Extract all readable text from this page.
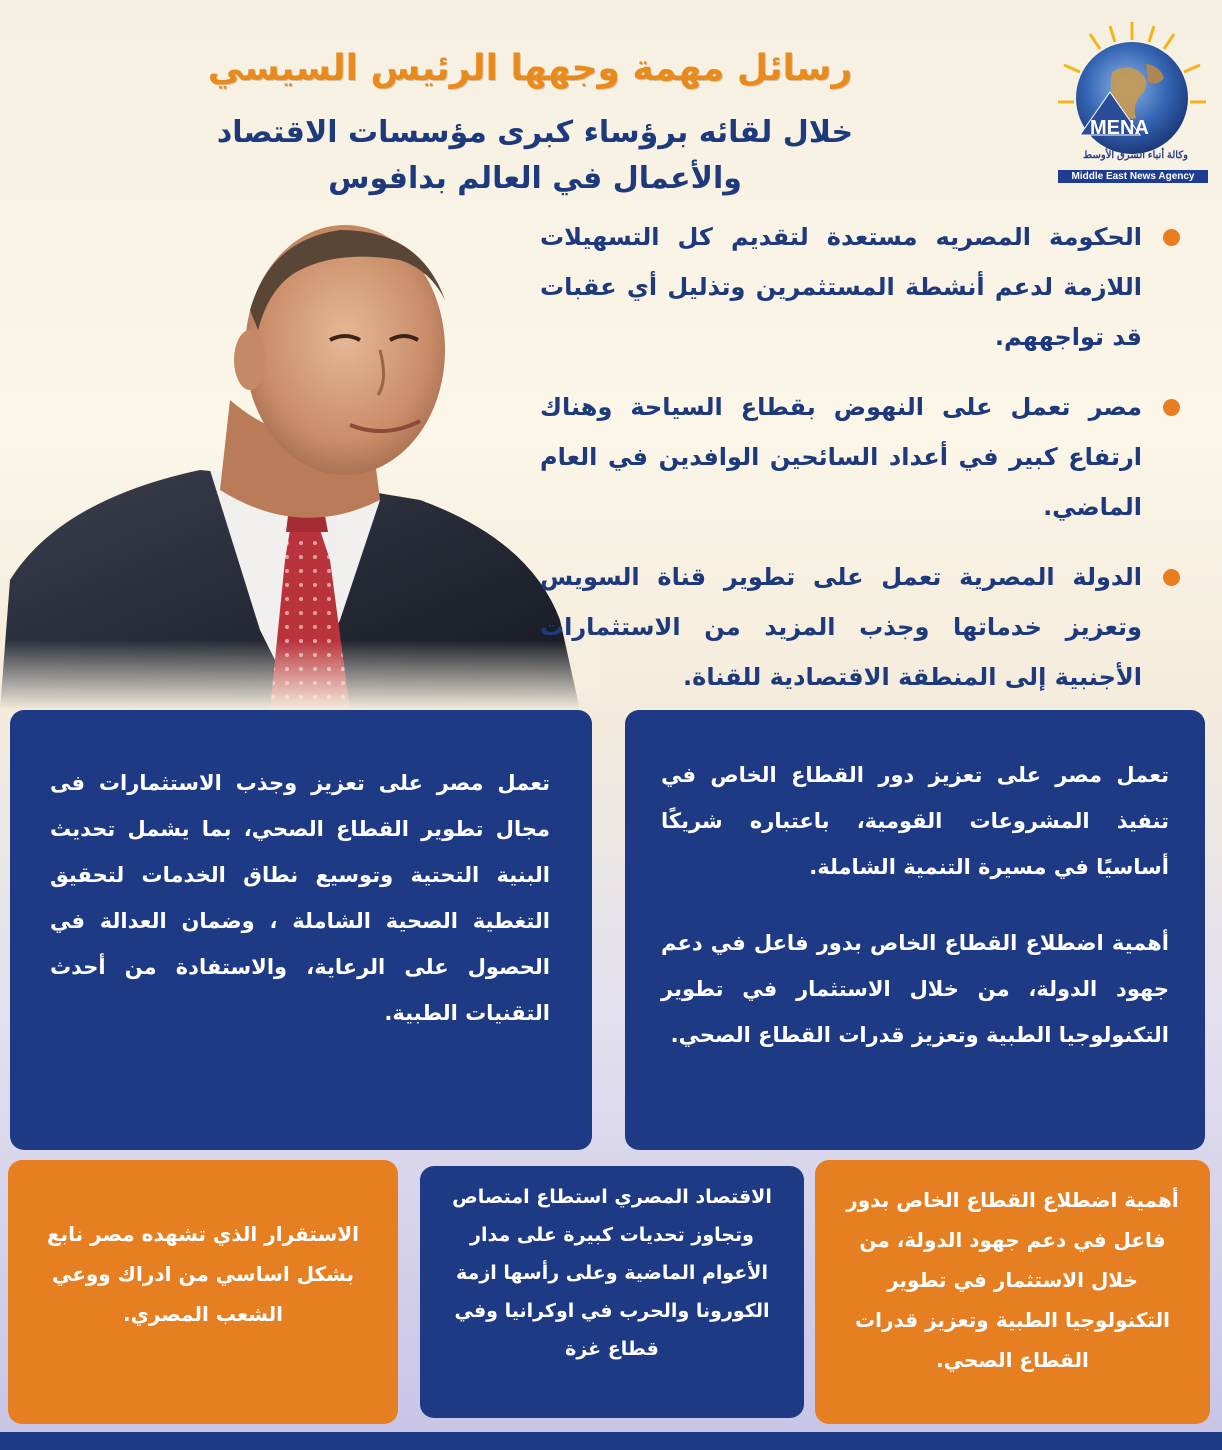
MENA
وكالة أنباء الشرق الأوسط
Middle East News Agency
رسائل مهمة وجهها الرئيس السيسي
خلال لقائه برؤساء كبرى مؤسسات الاقتصاد
والأعمال في العالم بدافوس
الحكومة المصريه مستعدة لتقديم كل التسهيلات اللازمة لدعم أنشطة المستثمرين وتذليل أي عقبات قد تواجههم.
مصر تعمل على النهوض بقطاع السياحة وهناك ارتفاع كبير في أعداد السائحين الوافدين في العام الماضي.
الدولة المصرية تعمل على تطوير قناة السويس وتعزيز خدماتها وجذب المزيد من الاستثمارات الأجنبية إلى المنطقة الاقتصادية للقناة.

تعمل مصر على تعزيز دور القطاع الخاص في تنفيذ المشروعات القومية، باعتباره شريكًا أساسيًا في مسيرة التنمية الشاملة.

أهمية اضطلاع القطاع الخاص بدور فاعل في دعم جهود الدولة، من خلال الاستثمار في تطوير التكنولوجيا الطبية وتعزيز قدرات القطاع الصحي.

تعمل مصر على تعزيز وجذب الاستثمارات فى مجال تطوير القطاع الصحي، بما يشمل تحديث البنية التحتية وتوسيع نطاق الخدمات لتحقيق التغطية الصحية الشاملة ، وضمان العدالة في الحصول على الرعاية، والاستفادة من أحدث التقنيات الطبية.

أهمية اضطلاع القطاع الخاص بدور فاعل في دعم جهود الدولة، من خلال الاستثمار في تطوير التكنولوجيا الطبية وتعزيز قدرات القطاع الصحي.

الاقتصاد المصري استطاع امتصاص وتجاوز تحديات كبيرة على مدار الأعوام الماضية وعلى رأسها ازمة الكورونا والحرب في اوكرانيا وفي قطاع غزة

الاستقرار الذي تشهده مصر نابع بشكل اساسي من ادراك ووعي الشعب المصري.
